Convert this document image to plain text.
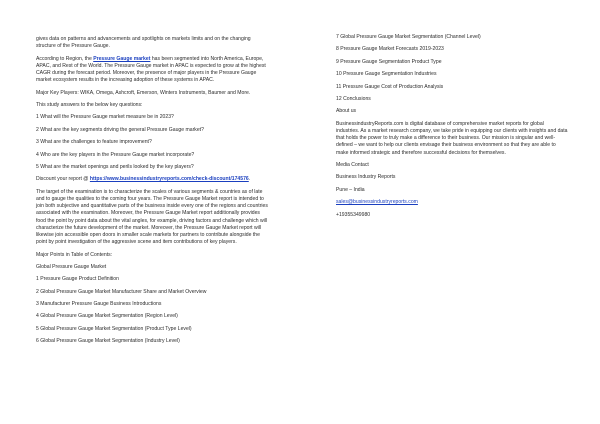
gives data on patterns and advancements and spotlights on markets limits and on the changing structure of the Pressure Gauge.

According to Region, the Pressure Gauge market has been segmented into North America, Europe, APAC, and Rest of the World. The Pressure Gauge market in APAC is expected to grow at the highest CAGR during the forecast period. Moreover, the presence of major players in the Pressure Gauge market ecosystem results in the increasing adoption of these systems in APAC.

Major Key Players: WIKA, Omega, Ashcroft, Emerson, Winters Instruments, Baumer and More.

This study answers to the below key questions:

1 What will the Pressure Gauge market measure be in 2023?

2 What are the key segments driving the general Pressure Gauge market?

3 What are the challenges to feature improvement?

4 Who are the key players in the Pressure Gauge market incorporate?

5 What are the market openings and perils looked by the key players?

Discount your report @ https://www.businessindustryreports.com/check-discount/174576.

The target of the examination is to characterize the scales of various segments & countries as of late and to gauge the qualities to the coming four years. The Pressure Gauge Market report is intended to join both subjective and quantitative parts of the business inside every one of the regions and countries associated with the examination. Moreover, the Pressure Gauge Market report additionally provides food the point by point data about the vital angles, for example, driving factors and challenge which will characterize the future development of the market. Moreover, the Pressure Gauge Market report will likewise join accessible open doors in smaller scale markets for partners to contribute alongside the point by point investigation of the aggressive scene and item contributions of key players.

Major Points in Table of Contents:

Global Pressure Gauge Market

1 Pressure Gauge Product Definition

2 Global Pressure Gauge Market Manufacturer Share and Market Overview

3 Manufacturer Pressure Gauge Business Introductions

4 Global Pressure Gauge Market Segmentation (Region Level)

5 Global Pressure Gauge Market Segmentation (Product Type Level)

6 Global Pressure Gauge Market Segmentation (Industry Level)

7 Global Pressure Gauge Market Segmentation (Channel Level)

8 Pressure Gauge Market Forecasts 2019-2023

9 Pressure Gauge Segmentation Product Type

10 Pressure Gauge Segmentation Industries

11 Pressure Gauge Cost of Production Analysis

12 Conclusions

About us

BusinessindustryReports.com is digital database of comprehensive market reports for global industries. As a market research company, we take pride in equipping our clients with insights and data that holds the power to truly make a difference to their business. Our mission is singular and well-defined – we want to help our clients envisage their business environment so that they are able to make informed strategic and therefore successful decisions for themselves.

Media Contact

Business Industry Reports

Pune – India

sales@businessindustryreports.com

+19355349980
